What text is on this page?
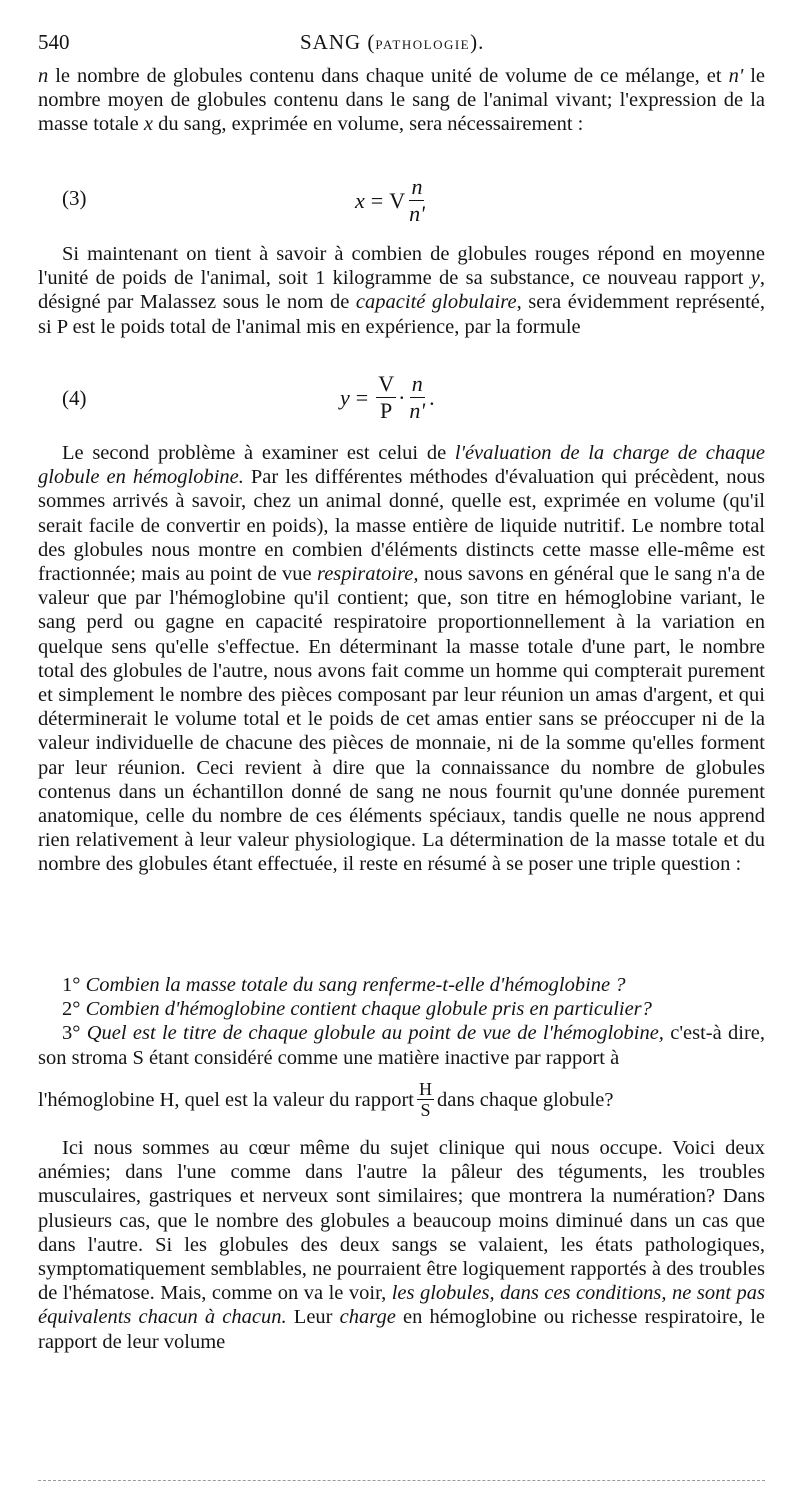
540	SANG (PATHOLOGIE).

n le nombre de globules contenu dans chaque unité de volume de ce mélange, et n' le nombre moyen de globules contenu dans le sang de l'animal vivant; l'expression de la masse totale x du sang, exprimée en volume, sera nécessairement :

(3)	x = V $\frac{n}{n'}$

Si maintenant on tient à savoir à combien de globules rouges répond en moyenne l'unité de poids de l'animal, soit 1 kilogramme de sa substance, ce nouveau rapport y, désigné par Malassez sous le nom de capacité globulaire, sera évidemment représenté, si P est le poids total de l'animal mis en expérience, par la formule

(4)	$y = \frac{V}{P} \cdot \frac{n}{n'}$ .

Le second problème à examiner est celui de l'évaluation de la charge de chaque globule en hémoglobine. Par les différentes méthodes d'évaluation qui précèdent, nous sommes arrivés à savoir, chez un animal donné, quelle est, exprimée en volume (qu'il serait facile de convertir en poids), la masse entière de liquide nutritif. Le nombre total des globules nous montre en combien d'éléments distincts cette masse elle-même est fractionnée; mais au point de vue respiratoire, nous savons en général que le sang n'a de valeur que par l'hémoglobine qu'il contient; que, son titre en hémoglobine variant, le sang perd ou gagne en capacité respiratoire proportionnellement à la variation en quelque sens qu'elle s'effectue. En déterminant la masse totale d'une part, le nombre total des globules de l'autre, nous avons fait comme un homme qui compterait purement et simplement le nombre des pièces composant par leur réunion un amas d'argent, et qui déterminerait le volume total et le poids de cet amas entier sans se préoccuper ni de la valeur individuelle de chacune des pièces de monnaie, ni de la somme qu'elles forment par leur réunion. Ceci revient à dire que la connaissance du nombre de globules contenus dans un échantillon donné de sang ne nous fournit qu'une donnée purement anatomique, celle du nombre de ces éléments spéciaux, tandis quelle ne nous apprend rien relativement à leur valeur physiologique. La détermination de la masse totale et du nombre des globules étant effectuée, il reste en résumé à se poser une triple question :

1° Combien la masse totale du sang renferme-t-elle d'hémoglobine ?
2° Combien d'hémoglobine contient chaque globule pris en particulier?
3° Quel est le titre de chaque globule au point de vue de l'hémoglobine, c'est-à dire, son stroma S étant considéré comme une matière inactive par rapport à
l'hémoglobine H, quel est la valeur du rapport $\frac{H}{S}$ dans chaque globule?

Ici nous sommes au cœur même du sujet clinique qui nous occupe. Voici deux anémies; dans l'une comme dans l'autre la pâleur des téguments, les troubles musculaires, gastriques et nerveux sont similaires; que montrera la numération? Dans plusieurs cas, que le nombre des globules a beaucoup moins diminué dans un cas que dans l'autre. Si les globules des deux sangs se valaient, les états pathologiques, symptomatiquement semblables, ne pourraient être logiquement rapportés à des troubles de l'hématose. Mais, comme on va le voir, les globules, dans ces conditions, ne sont pas équivalents chacun à chacun. Leur charge en hémoglobine ou richesse respiratoire, le rapport de leur volume
